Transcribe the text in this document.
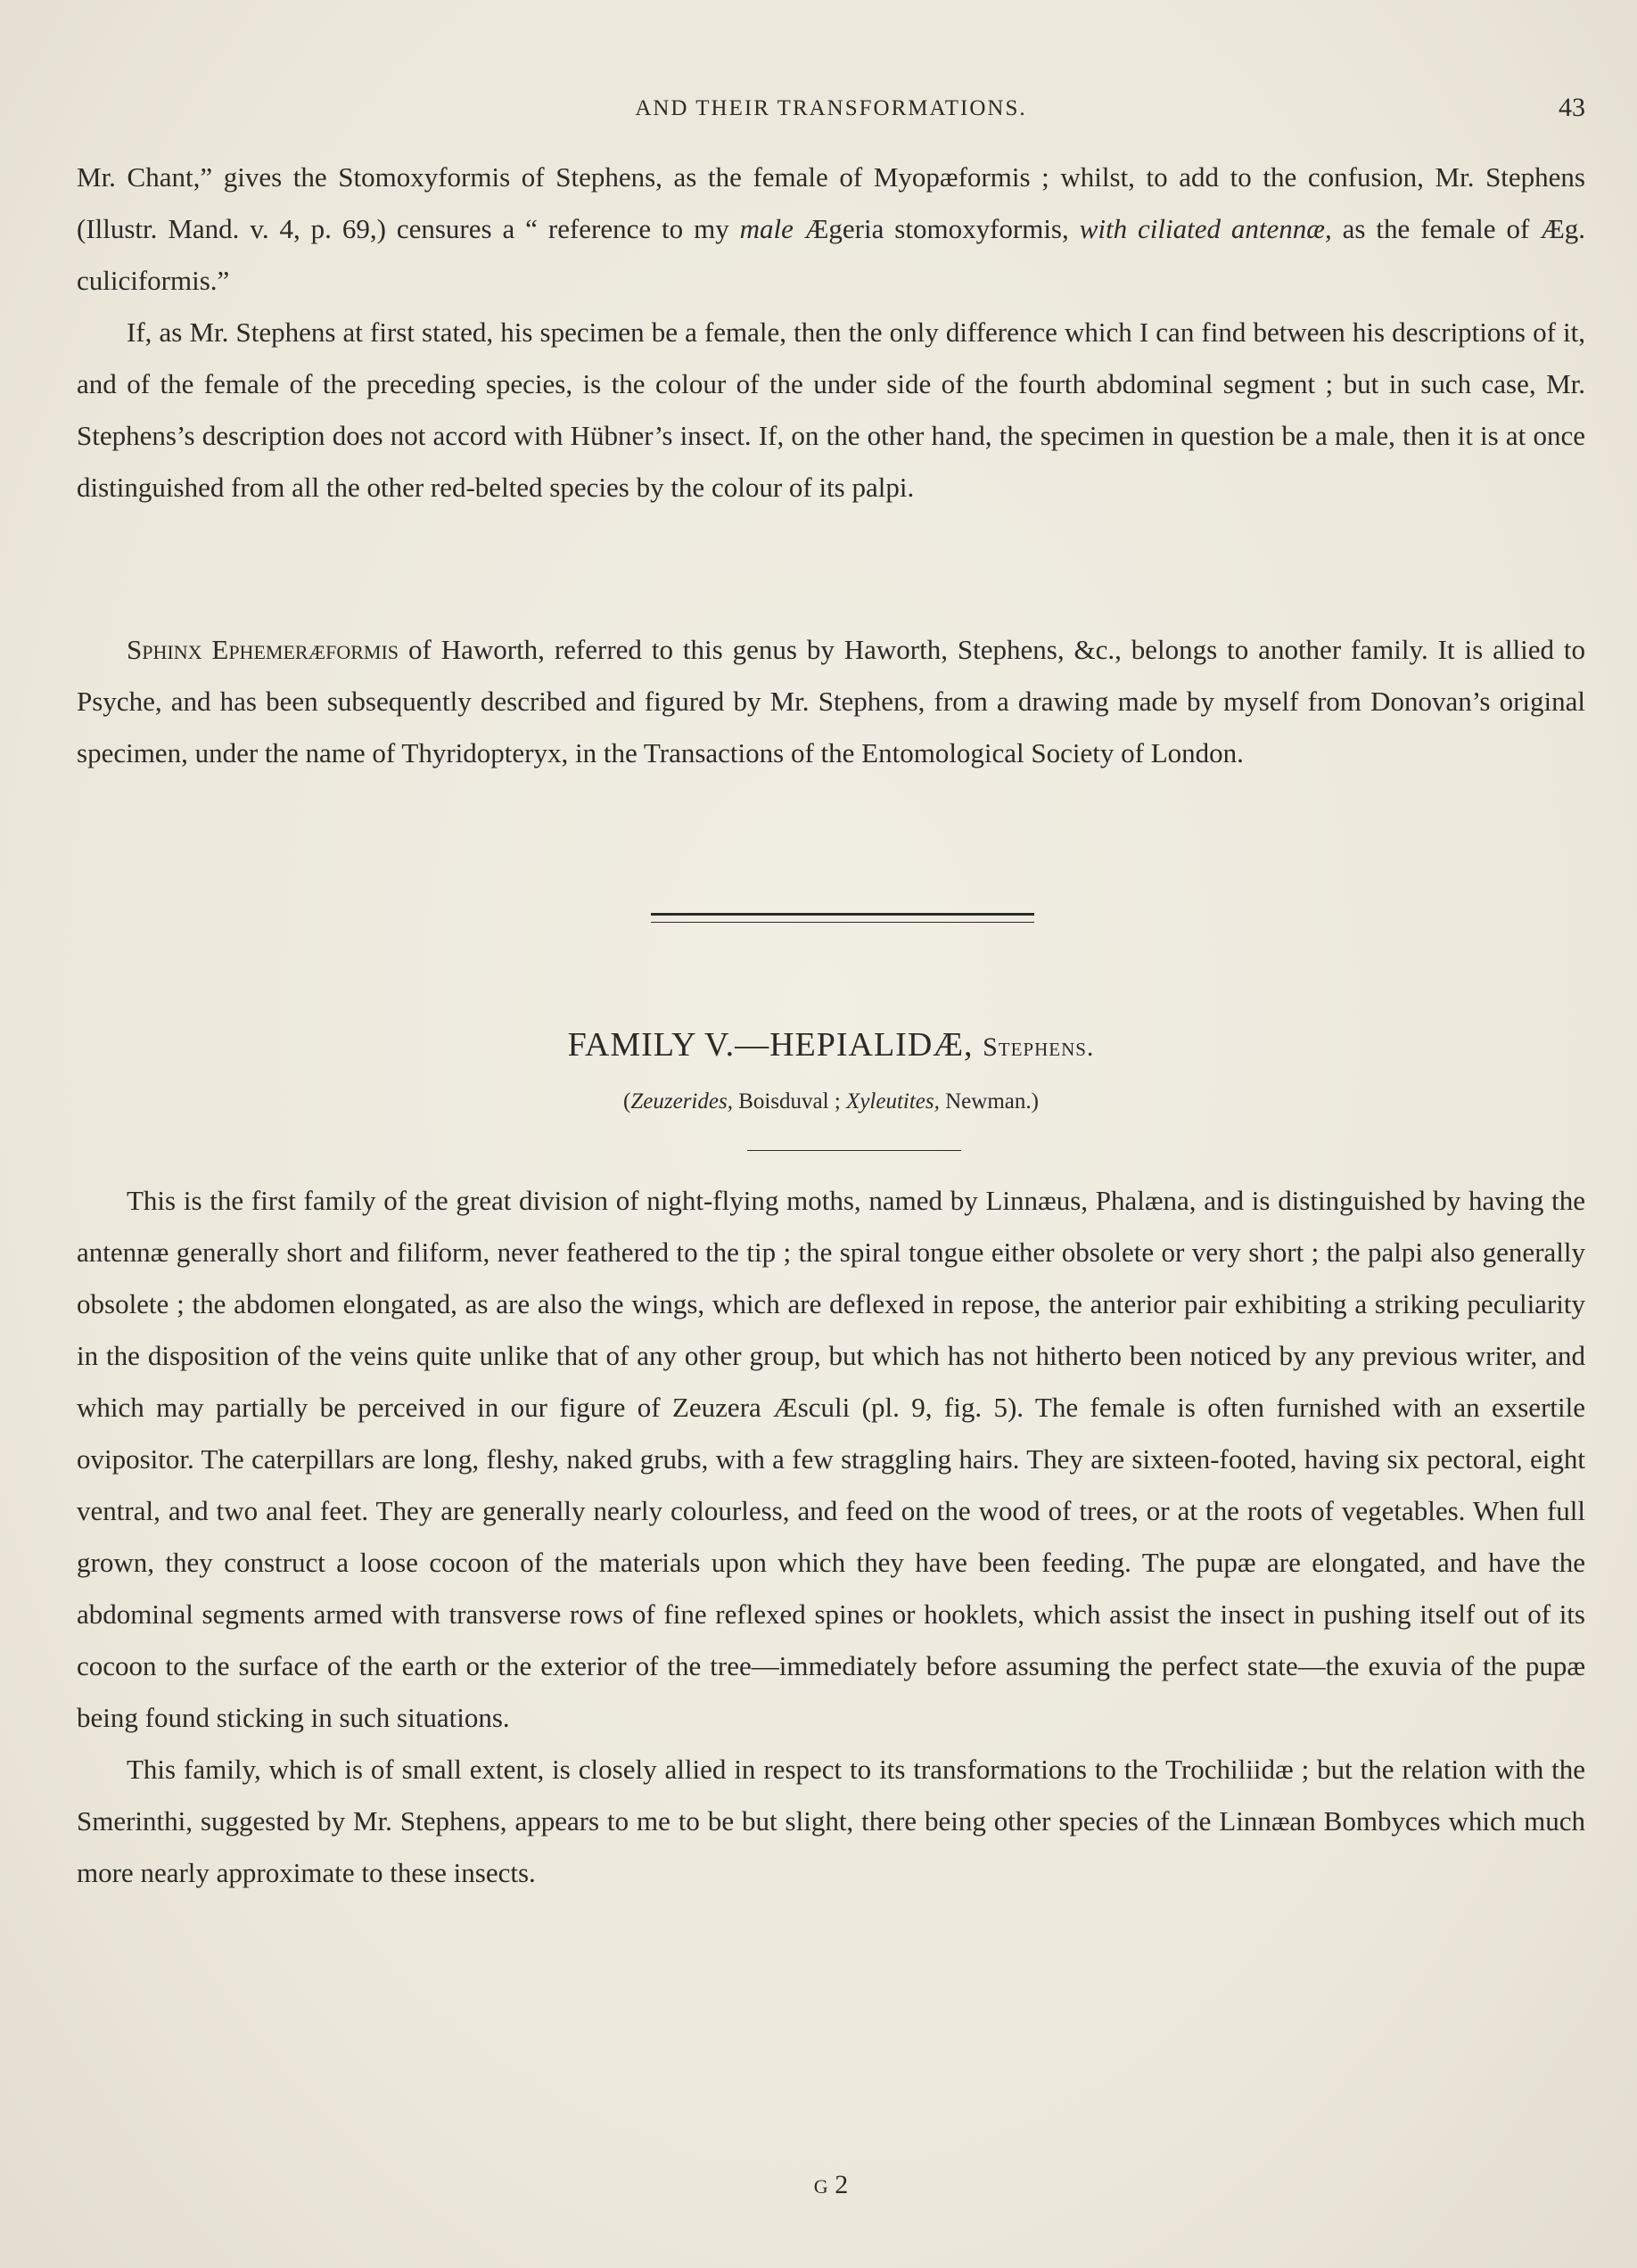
AND THEIR TRANSFORMATIONS.	43

Mr. Chant,” gives the Stomoxyformis of Stephens, as the female of Myopæformis ; whilst, to add to the confusion, Mr. Stephens (Illustr. Mand. v. 4, p. 69,) censures a “ reference to my male Ægeria stomoxyformis, with ciliated antennæ, as the female of Æg. culiciformis.”

If, as Mr. Stephens at first stated, his specimen be a female, then the only difference which I can find between his descriptions of it, and of the female of the preceding species, is the colour of the under side of the fourth abdominal segment ; but in such case, Mr. Stephens’s description does not accord with Hübner’s insect. If, on the other hand, the specimen in question be a male, then it is at once distinguished from all the other red-belted species by the colour of its palpi.

Sphinx Ephemeræformis of Haworth, referred to this genus by Haworth, Stephens, &c., belongs to another family. It is allied to Psyche, and has been subsequently described and figured by Mr. Stephens, from a drawing made by myself from Donovan’s original specimen, under the name of Thyridopteryx, in the Transactions of the Entomological Society of London.

FAMILY V.—HEPIALIDÆ, Stephens.
(Zeuzerides, Boisduval ; Xyleutites, Newman.)

This is the first family of the great division of night-flying moths, named by Linnæus, Phalæna, and is distinguished by having the antennæ generally short and filiform, never feathered to the tip ; the spiral tongue either obsolete or very short ; the palpi also generally obsolete ; the abdomen elongated, as are also the wings, which are deflexed in repose, the anterior pair exhibiting a striking peculiarity in the disposition of the veins quite unlike that of any other group, but which has not hitherto been noticed by any previous writer, and which may partially be perceived in our figure of Zeuzera Æsculi (pl. 9, fig. 5). The female is often furnished with an exsertile ovipositor. The caterpillars are long, fleshy, naked grubs, with a few straggling hairs. They are sixteen-footed, having six pectoral, eight ventral, and two anal feet. They are generally nearly colourless, and feed on the wood of trees, or at the roots of vegetables. When full grown, they construct a loose cocoon of the materials upon which they have been feeding. The pupæ are elongated, and have the abdominal segments armed with transverse rows of fine reflexed spines or hooklets, which assist the insect in pushing itself out of its cocoon to the surface of the earth or the exterior of the tree—immediately before assuming the perfect state—the exuvia of the pupæ being found sticking in such situations.

This family, which is of small extent, is closely allied in respect to its transformations to the Trochiliidæ ; but the relation with the Smerinthi, suggested by Mr. Stephens, appears to me to be but slight, there being other species of the Linnæan Bombyces which much more nearly approximate to these insects.

G 2
